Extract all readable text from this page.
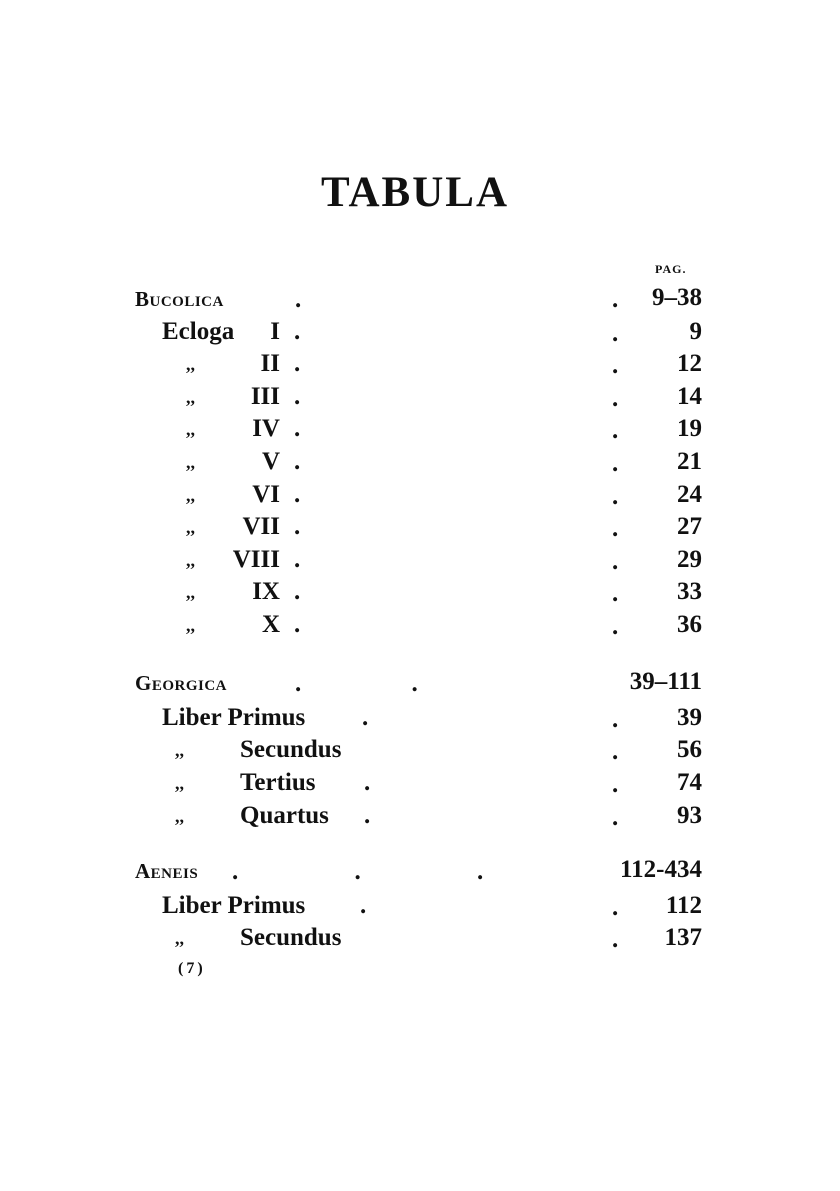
TABULA
PAG.
Bucolica	.	. 9–38
Ecloga	I .	.	9
,,	II .	. 12
,,	III .	. 14
,,	IV .	. 19
,,	V .	. 21
,,	VI .	. 24
,,	VII .	. 27
,,	VIII .	. 29
,,	IX .	. 33
,,	X .	. 36
Georgica	. .	39–111
Liber Primus .	. 39
,, Secundus	. 56
,, Tertius .	. 74
,, Quartus .	. 93
Aeneis . . .	112-434
Liber Primus .	. 112
,, Secundus	. 137
(7)
